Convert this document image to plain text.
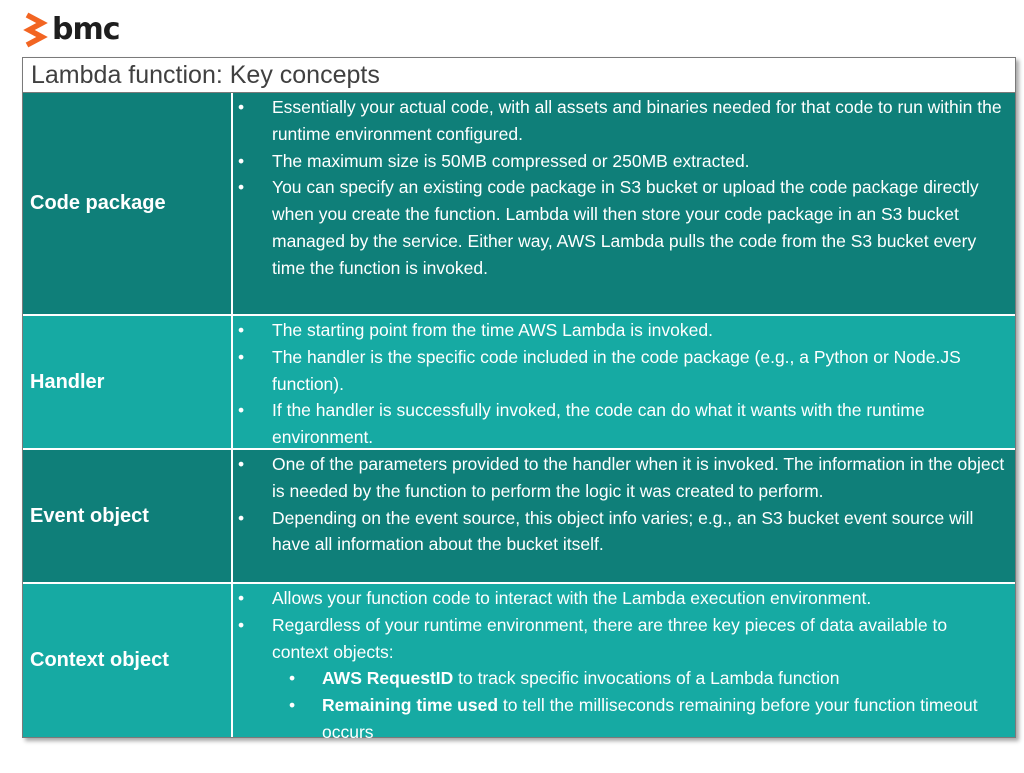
bmc
Lambda function: Key concepts
Code package
• Essentially your actual code, with all assets and binaries needed for that code to run within the runtime environment configured.
• The maximum size is 50MB compressed or 250MB extracted.
• You can specify an existing code package in S3 bucket or upload the code package directly when you create the function. Lambda will then store your code package in an S3 bucket managed by the service. Either way, AWS Lambda pulls the code from the S3 bucket every time the function is invoked.
Handler
• The starting point from the time AWS Lambda is invoked.
• The handler is the specific code included in the code package (e.g., a Python or Node.JS function).
• If the handler is successfully invoked, the code can do what it wants with the runtime environment.
Event object
• One of the parameters provided to the handler when it is invoked. The information in the object is needed by the function to perform the logic it was created to perform.
• Depending on the event source, this object info varies; e.g., an S3 bucket event source will have all information about the bucket itself.
Context object
• Allows your function code to interact with the Lambda execution environment.
• Regardless of your runtime environment, there are three key pieces of data available to context objects:
• AWS RequestID to track specific invocations of a Lambda function
• Remaining time used to tell the milliseconds remaining before your function timeout occurs
• Logging to stream log statements to Amazon CloudWatch
